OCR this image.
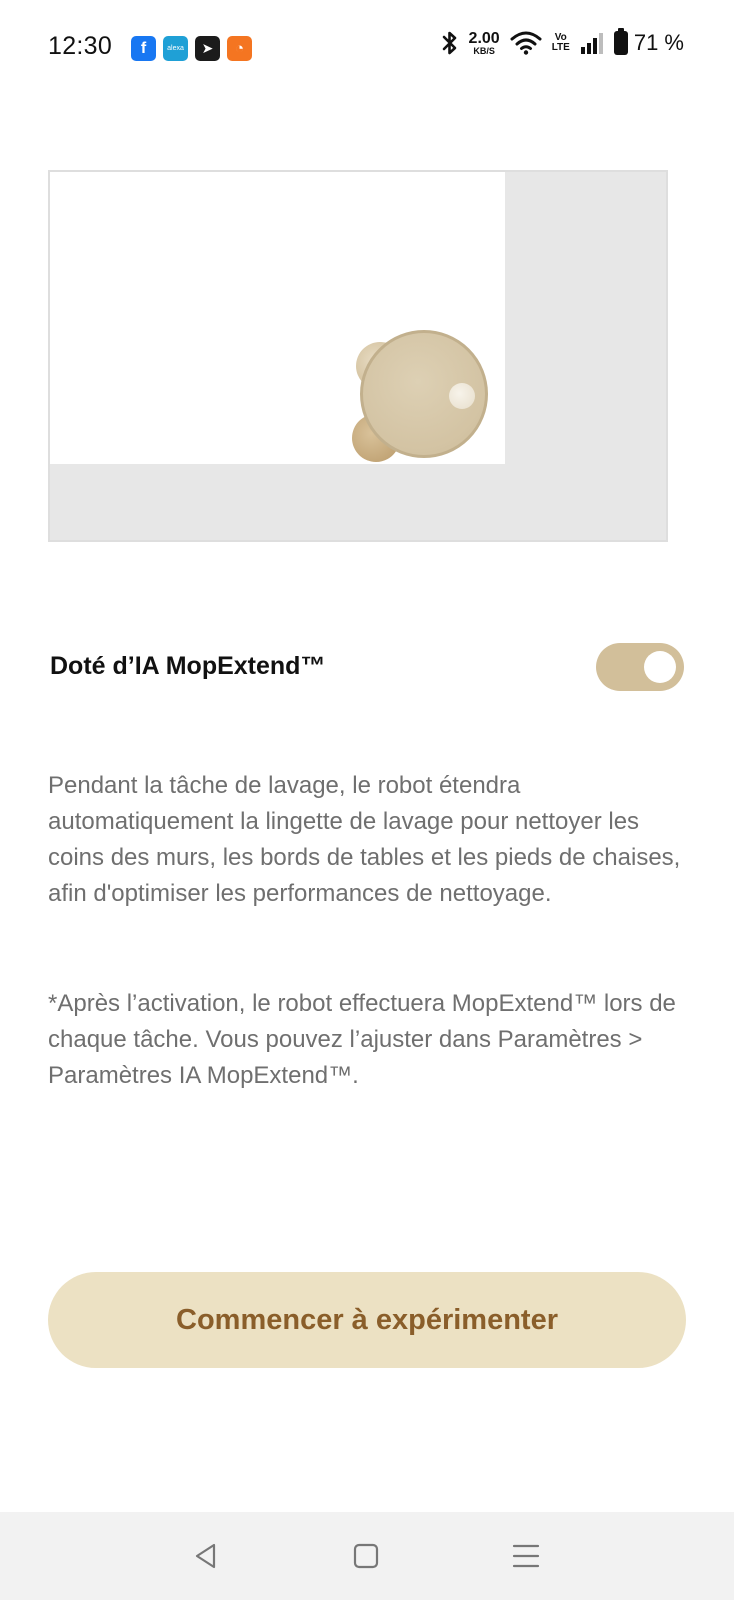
12:30	f	alexa	➤	◔
2.00
KB/S
Vo
LTE	71 %
Doté d’IA MopExtend™

Pendant la tâche de lavage, le robot étendra automatiquement la lingette de lavage pour nettoyer les coins des murs, les bords de tables et les pieds de chaises, afin d'optimiser les performances de nettoyage.

*Après l’activation, le robot effectuera MopExtend™ lors de chaque tâche. Vous pouvez l’ajuster dans Paramètres > Paramètres IA MopExtend™.

Commencer à expérimenter
